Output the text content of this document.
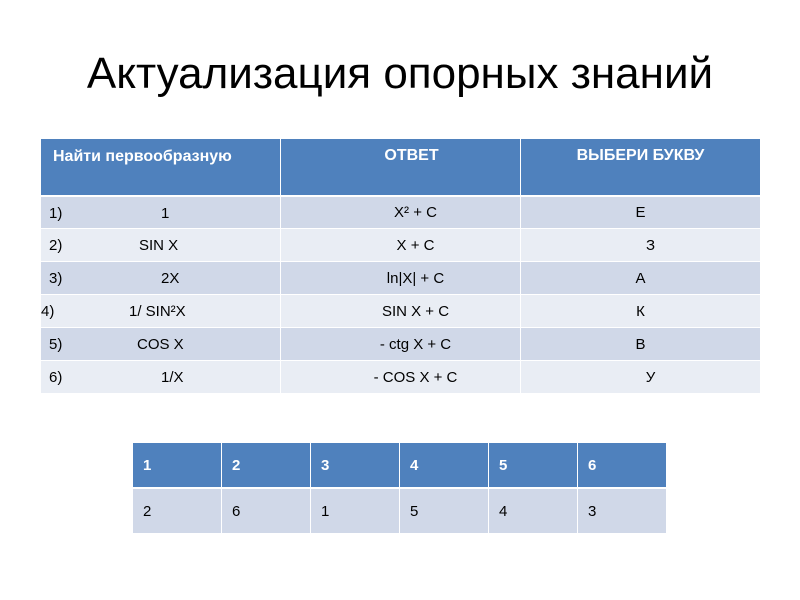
Актуализация опорных знаний
Найти первообразную	ОТВЕТ	ВЫБЕРИ БУКВУ

1) 1	X² + C	Е

2) SIN X	X + C	З

3) 2X	ln|X| + C	А

4) 1/ SIN²X	SIN X + C	К

5) COS X	- ctg X + C	В

6) 1/X	- COS X + C	У
1	2	3	4	5	6
2	6	1	5	4	3
